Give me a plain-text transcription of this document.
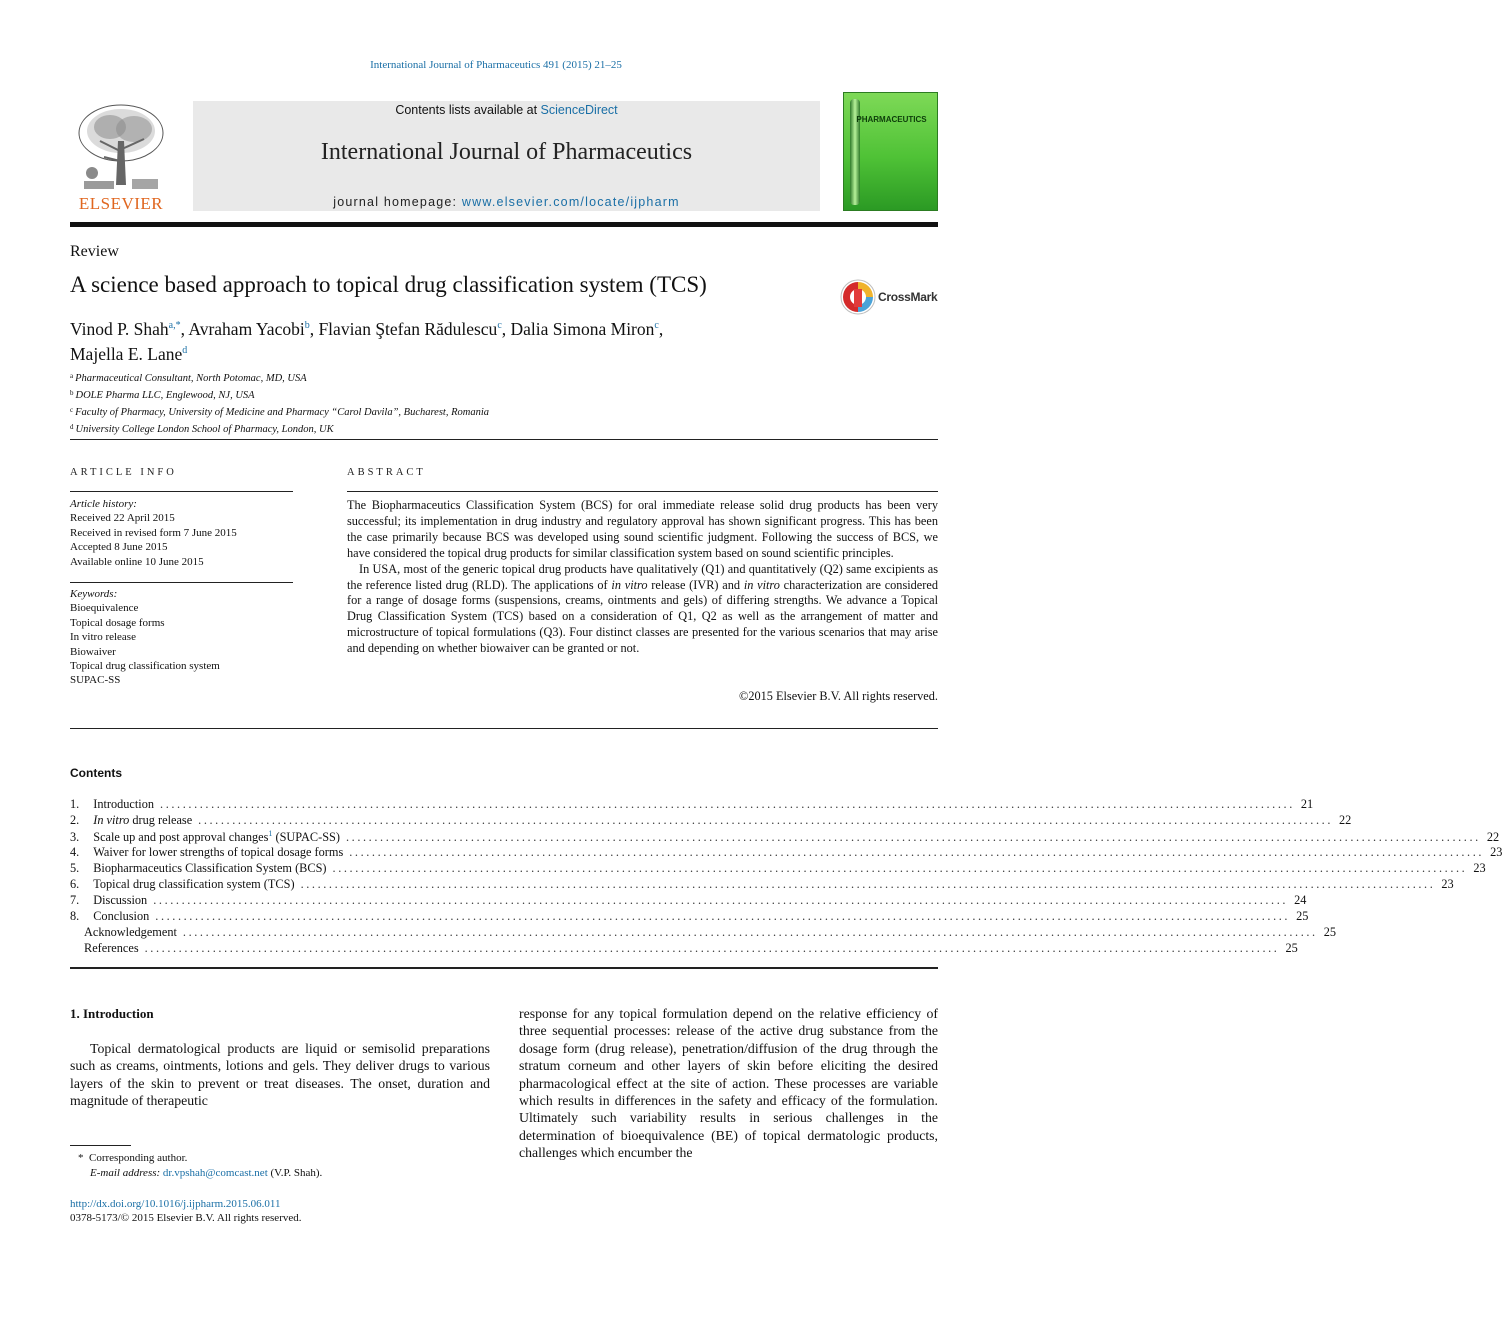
International Journal of Pharmaceutics 491 (2015) 21–25
ELSEVIER
Contents lists available at ScienceDirect
International Journal of Pharmaceutics
journal homepage: www.elsevier.com/locate/ijpharm
PHARMACEUTICS
Review
A science based approach to topical drug classification system (TCS)	CrossMark
Vinod P. Shah$^{a,*}$, Avraham Yacobi$^b$, Flavian Ştefan Rădulescu$^c$, Dalia Simona Miron$^c$,
Majella E. Lane$^d$
$^a$ Pharmaceutical Consultant, North Potomac, MD, USA
$^b$ DOLE Pharma LLC, Englewood, NJ, USA
$^c$ Faculty of Pharmacy, University of Medicine and Pharmacy “Carol Davila”, Bucharest, Romania
$^d$ University College London School of Pharmacy, London, UK
ARTICLE INFO	ABSTRACT
Article history:
Received 22 April 2015
Received in revised form 7 June 2015
Accepted 8 June 2015
Available online 10 June 2015
Keywords:
Bioequivalence
Topical dosage forms
In vitro release
Biowaiver
Topical drug classification system
SUPAC-SS

The Biopharmaceutics Classification System (BCS) for oral immediate release solid drug products has been very successful; its implementation in drug industry and regulatory approval has shown significant progress. This has been the case primarily because BCS was developed using sound scientific judgment. Following the success of BCS, we have considered the topical drug products for similar classification system based on sound scientific principles.

In USA, most of the generic topical drug products have qualitatively (Q1) and quantitatively (Q2) same excipients as the reference listed drug (RLD). The applications of in vitro release (IVR) and in vitro characterization are considered for a range of dosage forms (suspensions, creams, ointments and gels) of differing strengths. We advance a Topical Drug Classification System (TCS) based on a consideration of Q1, Q2 as well as the arrangement of matter and microstructure of topical formulations (Q3). Four distinct classes are presented for the various scenarios that may arise and depending on whether biowaiver can be granted or not.

©2015 Elsevier B.V. All rights reserved.
Contents
1. Introduction ........................................................................................................................................................................................................ 21
2. In vitro drug release ........................................................................................................................................................................................................ 22
3. Scale up and post approval changes$^1$ (SUPAC-SS) ........................................................................................................................................................................................................ 22
4. Waiver for lower strengths of topical dosage forms ........................................................................................................................................................................................................ 23
5. Biopharmaceutics Classification System (BCS) ........................................................................................................................................................................................................ 23
6. Topical drug classification system (TCS) ........................................................................................................................................................................................................ 23
7. Discussion ........................................................................................................................................................................................................ 24
8. Conclusion ........................................................................................................................................................................................................ 25
Acknowledgement ........................................................................................................................................................................................................ 25
References ........................................................................................................................................................................................................ 25
1. Introduction
Topical dermatological products are liquid or semisolid preparations such as creams, ointments, lotions and gels. They deliver drugs to various layers of the skin to prevent or treat diseases. The onset, duration and magnitude of therapeutic
response for any topical formulation depend on the relative efficiency of three sequential processes: release of the active drug substance from the dosage form (drug release), penetration/diffusion of the drug through the stratum corneum and other layers of skin before eliciting the desired pharmacological effect at the site of action. These processes are variable which results in differences in the safety and efficacy of the formulation. Ultimately such variability results in serious challenges in the determination of bioequivalence (BE) of topical dermatologic products, challenges which encumber the
*  Corresponding author.
E-mail address: dr.vpshah@comcast.net (V.P. Shah).
http://dx.doi.org/10.1016/j.ijpharm.2015.06.011
0378-5173/© 2015 Elsevier B.V. All rights reserved.
